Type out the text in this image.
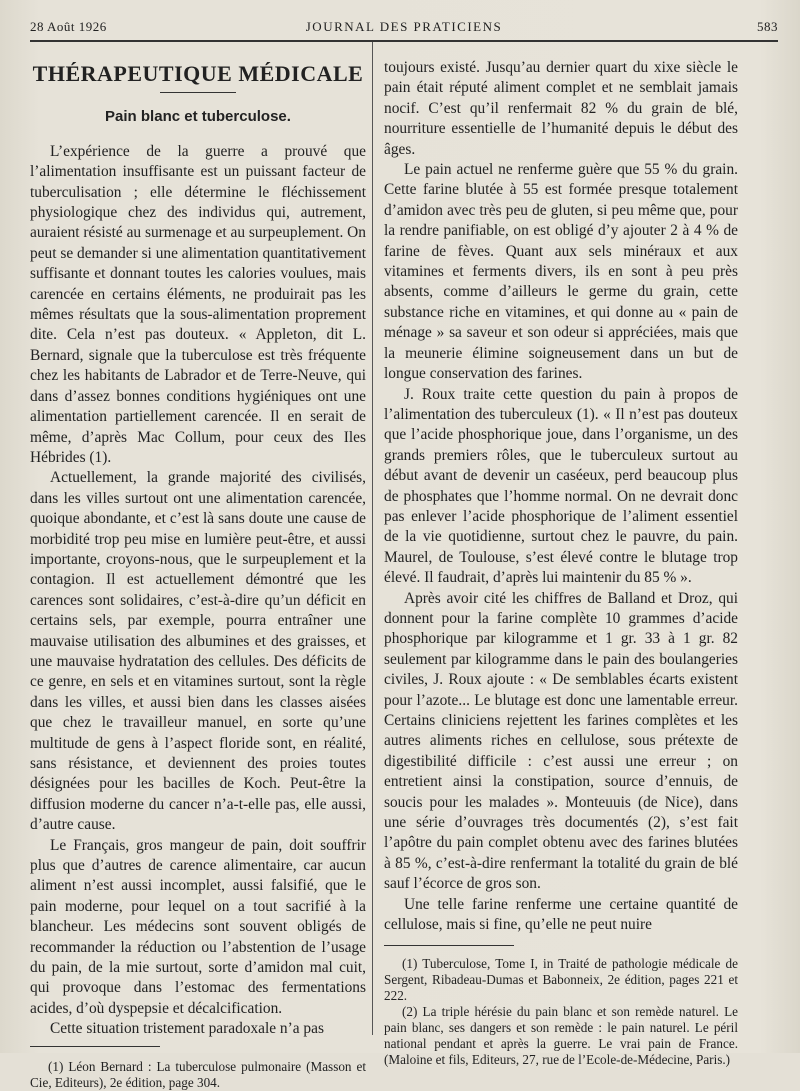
28 Août 1926	JOURNAL DES PRATICIENS	583
THÉRAPEUTIQUE MÉDICALE
Pain blanc et tuberculose.

L’expérience de la guerre a prouvé que l’alimentation insuffisante est un puissant facteur de tuberculisation ; elle détermine le fléchissement physiologique chez des individus qui, autrement, auraient résisté au surmenage et au surpeuplement. On peut se demander si une alimentation quantitativement suffisante et donnant toutes les calories voulues, mais carencée en certains éléments, ne produirait pas les mêmes résultats que la sous-alimentation proprement dite. Cela n’est pas douteux. « Appleton, dit L. Bernard, signale que la tuberculose est très fréquente chez les habitants de Labrador et de Terre-Neuve, qui dans d’assez bonnes conditions hygiéniques ont une alimentation partiellement carencée. Il en serait de même, d’après Mac Collum, pour ceux des Iles Hébrides (1).

Actuellement, la grande majorité des civilisés, dans les villes surtout ont une alimentation carencée, quoique abondante, et c’est là sans doute une cause de morbidité trop peu mise en lumière peut-être, et aussi importante, croyons-nous, que le surpeuplement et la contagion. Il est actuellement démontré que les carences sont solidaires, c’est-à-dire qu’un déficit en certains sels, par exemple, pourra entraîner une mauvaise utilisation des albumines et des graisses, et une mauvaise hydratation des cellules. Des déficits de ce genre, en sels et en vitamines surtout, sont la règle dans les villes, et aussi bien dans les classes aisées que chez le travailleur manuel, en sorte qu’une multitude de gens à l’aspect floride sont, en réalité, sans résistance, et deviennent des proies toutes désignées pour les bacilles de Koch. Peut-être la diffusion moderne du cancer n’a-t-elle pas, elle aussi, d’autre cause.

Le Français, gros mangeur de pain, doit souffrir plus que d’autres de carence alimentaire, car aucun aliment n’est aussi incomplet, aussi falsifié, que le pain moderne, pour lequel on a tout sacrifié à la blancheur. Les médecins sont souvent obligés de recommander la réduction ou l’abstention de l’usage du pain, de la mie surtout, sorte d’amidon mal cuit, qui provoque dans l’estomac des fermentations acides, d’où dyspepsie et décalcification.

Cette situation tristement paradoxale n’a pas

(1) Léon Bernard : La tuberculose pulmonaire (Masson et Cie, Editeurs), 2e édition, page 304.

toujours existé. Jusqu’au dernier quart du xixe siècle le pain était réputé aliment complet et ne semblait jamais nocif. C’est qu’il renfermait 82 % du grain de blé, nourriture essentielle de l’humanité depuis le début des âges.

Le pain actuel ne renferme guère que 55 % du grain. Cette farine blutée à 55 est formée presque totalement d’amidon avec très peu de gluten, si peu même que, pour la rendre panifiable, on est obligé d’y ajouter 2 à 4 % de farine de fèves. Quant aux sels minéraux et aux vitamines et ferments divers, ils en sont à peu près absents, comme d’ailleurs le germe du grain, cette substance riche en vitamines, et qui donne au « pain de ménage » sa saveur et son odeur si appréciées, mais que la meunerie élimine soigneusement dans un but de longue conservation des farines.

J. Roux traite cette question du pain à propos de l’alimentation des tuberculeux (1). « Il n’est pas douteux que l’acide phosphorique joue, dans l’organisme, un des grands premiers rôles, que le tuberculeux surtout au début avant de devenir un caséeux, perd beaucoup plus de phosphates que l’homme normal. On ne devrait donc pas enlever l’acide phosphorique de l’aliment essentiel de la vie quotidienne, surtout chez le pauvre, du pain. Maurel, de Toulouse, s’est élevé contre le blutage trop élevé. Il faudrait, d’après lui maintenir du 85 % ».

Après avoir cité les chiffres de Balland et Droz, qui donnent pour la farine complète 10 grammes d’acide phosphorique par kilogramme et 1 gr. 33 à 1 gr. 82 seulement par kilogramme dans le pain des boulangeries civiles, J. Roux ajoute : « De semblables écarts existent pour l’azote... Le blutage est donc une lamentable erreur. Certains cliniciens rejettent les farines complètes et les autres aliments riches en cellulose, sous prétexte de digestibilité difficile : c’est aussi une erreur ; on entretient ainsi la constipation, source d’ennuis, de soucis pour les malades ». Monteuuis (de Nice), dans une série d’ouvrages très documentés (2), s’est fait l’apôtre du pain complet obtenu avec des farines blutées à 85 %, c’est-à-dire renfermant la totalité du grain de blé sauf l’écorce de gros son.

Une telle farine renferme une certaine quantité de cellulose, mais si fine, qu’elle ne peut nuire

(1) Tuberculose, Tome I, in Traité de pathologie médicale de Sergent, Ribadeau-Dumas et Babonneix, 2e édition, pages 221 et 222.

(2) La triple hérésie du pain blanc et son remède naturel. Le pain blanc, ses dangers et son remède : le pain naturel. Le péril national pendant et après la guerre. Le vrai pain de France. (Maloine et fils, Editeurs, 27, rue de l’Ecole-de-Médecine, Paris.)
